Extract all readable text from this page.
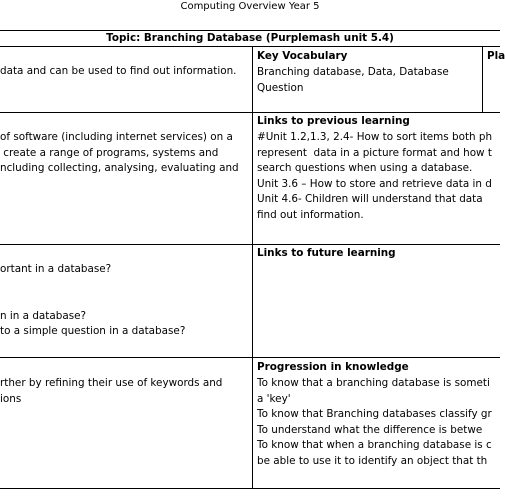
Computing Overview Year 5
Topic: Branching Database (Purplemash unit 5.4)
data and can be used to find out information.
of software (including internet services) on a
create a range of programs, systems and
ncluding collecting, analysing, evaluating and
ortant in a database?

n in a database?
to a simple question in a database?
rther by refining their use of keywords and
ions
Key Vocabulary
Branching database, Data, Database
Question
Pla
Links to previous learning
#Unit 1.2,1.3, 2.4- How to sort items both ph
represent  data in a picture format and how t
search questions when using a database.
Unit 3.6 – How to store and retrieve data in d
Unit 4.6- Children will understand that data
find out information.
Links to future learning
Progression in knowledge
To know that a branching database is someti
a 'key'
To know that Branching databases classify gr
To understand what the difference is betwe
To know that when a branching database is c
be able to use it to identify an object that th
